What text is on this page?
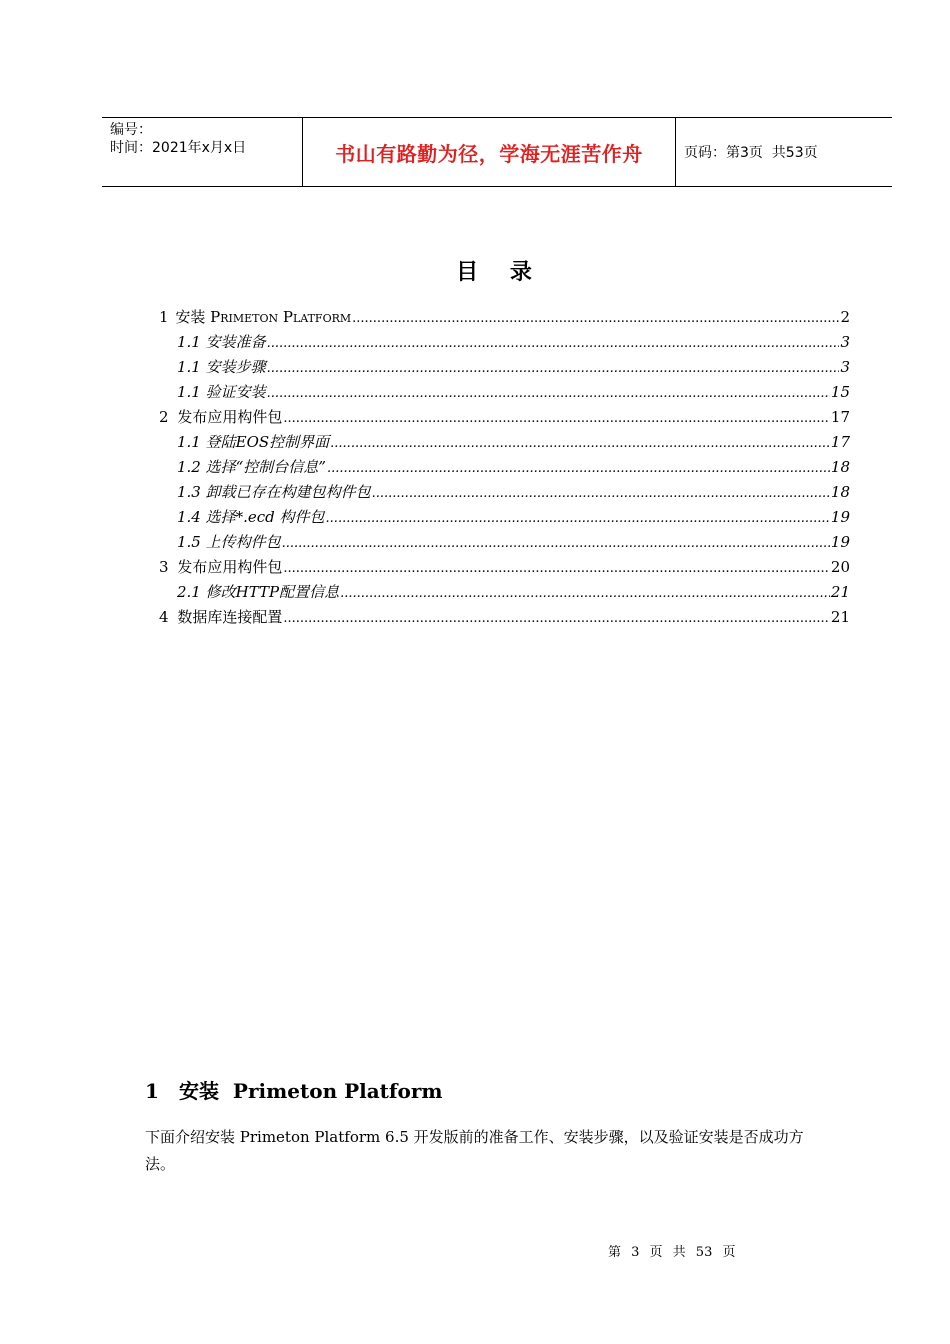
编号：
时间：2021年x月x日	书山有路勤为径，学海无涯苦作舟	页码：第3页  共53页
目 录
1 安装 Primeton Platform .....	2
1.1 安装准备 .....	3
1.1 安装步骤 .....	3
1.1 验证安装 .....	15
2 发布应用构件包 .....	17
1.1 登陆EOS控制界面 .....	17
1.2 选择“控制台信息” .....	18
1.3 卸载已存在构建包构件包 .....	18
1.4 选择*.ecd 构件包 .....	19
1.5 上传构件包 .....	19
3 发布应用构件包 .....	20
2.1 修改HTTP配置信息 .....	21
4 数据库连接配置 .....	21
1 安装  Primeton Platform
下面介绍安装 Primeton Platform 6.5 开发版前的准备工作、安装步骤，以及验证安装是否成功方法。
第 3 页 共 53 页
